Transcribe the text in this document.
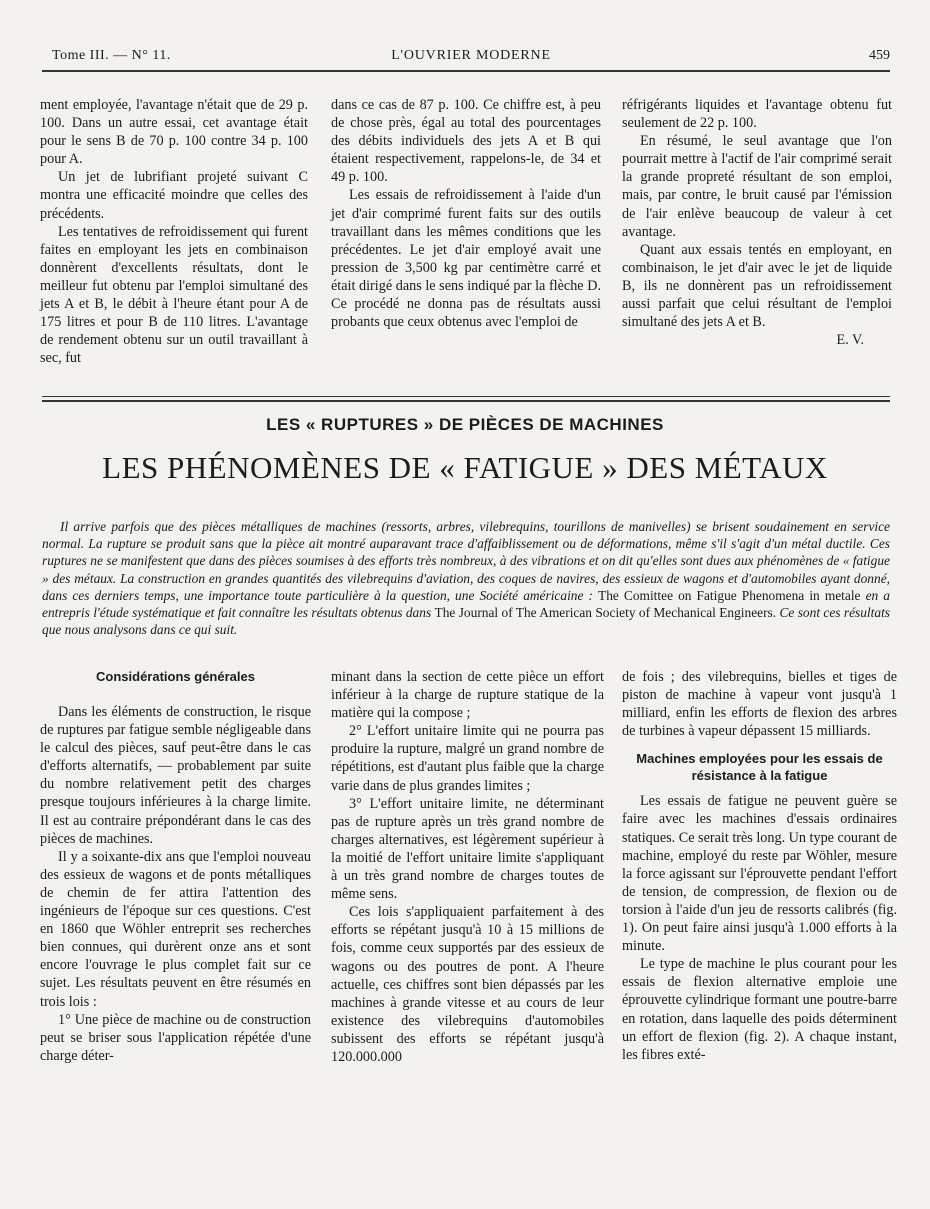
Tome III. — N° 11.	L'OUVRIER MODERNE	459

ment employée, l'avantage n'était que de 29 p. 100. Dans un autre essai, cet avantage était pour le sens B de 70 p. 100 contre 34 p. 100 pour A.

Un jet de lubrifiant projeté suivant C montra une efficacité moindre que celles des précédents.

Les tentatives de refroidissement qui furent faites en employant les jets en combinaison donnèrent d'excellents résultats, dont le meilleur fut obtenu par l'emploi simultané des jets A et B, le débit à l'heure étant pour A de 175 litres et pour B de 110 litres. L'avantage de rendement obtenu sur un outil travaillant à sec, fut

dans ce cas de 87 p. 100. Ce chiffre est, à peu de chose près, égal au total des pourcentages des débits individuels des jets A et B qui étaient respectivement, rappelons-le, de 34 et 49 p. 100.

Les essais de refroidissement à l'aide d'un jet d'air comprimé furent faits sur des outils travaillant dans les mêmes conditions que les précédentes. Le jet d'air employé avait une pression de 3,500 kg par centimètre carré et était dirigé dans le sens indiqué par la flèche D. Ce procédé ne donna pas de résultats aussi probants que ceux obtenus avec l'emploi de

réfrigérants liquides et l'avantage obtenu fut seulement de 22 p. 100.

En résumé, le seul avantage que l'on pourrait mettre à l'actif de l'air comprimé serait la grande propreté résultant de son emploi, mais, par contre, le bruit causé par l'émission de l'air enlève beaucoup de valeur à cet avantage.

Quant aux essais tentés en employant, en combinaison, le jet d'air avec le jet de liquide B, ils ne donnèrent pas un refroidissement aussi parfait que celui résultant de l'emploi simultané des jets A et B.

E. V.
LES « RUPTURES » DE PIÈCES DE MACHINES
LES PHÉNOMÈNES DE « FATIGUE » DES MÉTAUX
Il arrive parfois que des pièces métalliques de machines (ressorts, arbres, vilebrequins, tourillons de manivelles) se brisent soudainement en service normal. La rupture se produit sans que la pièce ait montré auparavant trace d'affaiblissement ou de déformations, même s'il s'agit d'un métal ductile. Ces ruptures ne se manifestent que dans des pièces soumises à des efforts très nombreux, à des vibrations et on dit qu'elles sont dues aux phénomènes de « fatigue » des métaux. La construction en grandes quantités des vilebrequins d'aviation, des coques de navires, des essieux de wagons et d'automobiles ayant donné, dans ces derniers temps, une importance toute particulière à la question, une Société américaine : The Comittee on Fatigue Phenomena in metale en a entrepris l'étude systématique et fait connaître les résultats obtenus dans The Journal of The American Society of Mechanical Engineers. Ce sont ces résultats que nous analysons dans ce qui suit.
Considérations générales

Dans les éléments de construction, le risque de ruptures par fatigue semble négligeable dans le calcul des pièces, sauf peut-être dans le cas d'efforts alternatifs, — probablement par suite du nombre relativement petit des charges presque toujours inférieures à la charge limite. Il est au contraire prépondérant dans le cas des pièces de machines.

Il y a soixante-dix ans que l'emploi nouveau des essieux de wagons et de ponts métalliques de chemin de fer attira l'attention des ingénieurs de l'époque sur ces questions. C'est en 1860 que Wöhler entreprit ses recherches bien connues, qui durèrent onze ans et sont encore l'ouvrage le plus complet fait sur ce sujet. Les résultats peuvent en être résumés en trois lois :

1° Une pièce de machine ou de construction peut se briser sous l'application répétée d'une charge déter-

minant dans la section de cette pièce un effort inférieur à la charge de rupture statique de la matière qui la compose ;

2° L'effort unitaire limite qui ne pourra pas produire la rupture, malgré un grand nombre de répétitions, est d'autant plus faible que la charge varie dans de plus grandes limites ;

3° L'effort unitaire limite, ne déterminant pas de rupture après un très grand nombre de charges alternatives, est légèrement supérieur à la moitié de l'effort unitaire limite s'appliquant à un très grand nombre de charges toutes de même sens.

Ces lois s'appliquaient parfaitement à des efforts se répétant jusqu'à 10 à 15 millions de fois, comme ceux supportés par des essieux de wagons ou des poutres de pont. A l'heure actuelle, ces chiffres sont bien dépassés par les machines à grande vitesse et au cours de leur existence des vilebrequins d'automobiles subissent des efforts se répétant jusqu'à 120.000.000

de fois ; des vilebrequins, bielles et tiges de piston de machine à vapeur vont jusqu'à 1 milliard, enfin les efforts de flexion des arbres de turbines à vapeur dépassent 15 milliards.

Machines employées pour les essais de résistance à la fatigue

Les essais de fatigue ne peuvent guère se faire avec les machines d'essais ordinaires statiques. Ce serait très long. Un type courant de machine, employé du reste par Wöhler, mesure la force agissant sur l'éprouvette pendant l'effort de tension, de compression, de flexion ou de torsion à l'aide d'un jeu de ressorts calibrés (fig. 1). On peut faire ainsi jusqu'à 1.000 efforts à la minute.

Le type de machine le plus courant pour les essais de flexion alternative emploie une éprouvette cylindrique formant une poutre-barre en rotation, dans laquelle des poids déterminent un effort de flexion (fig. 2). A chaque instant, les fibres exté-
